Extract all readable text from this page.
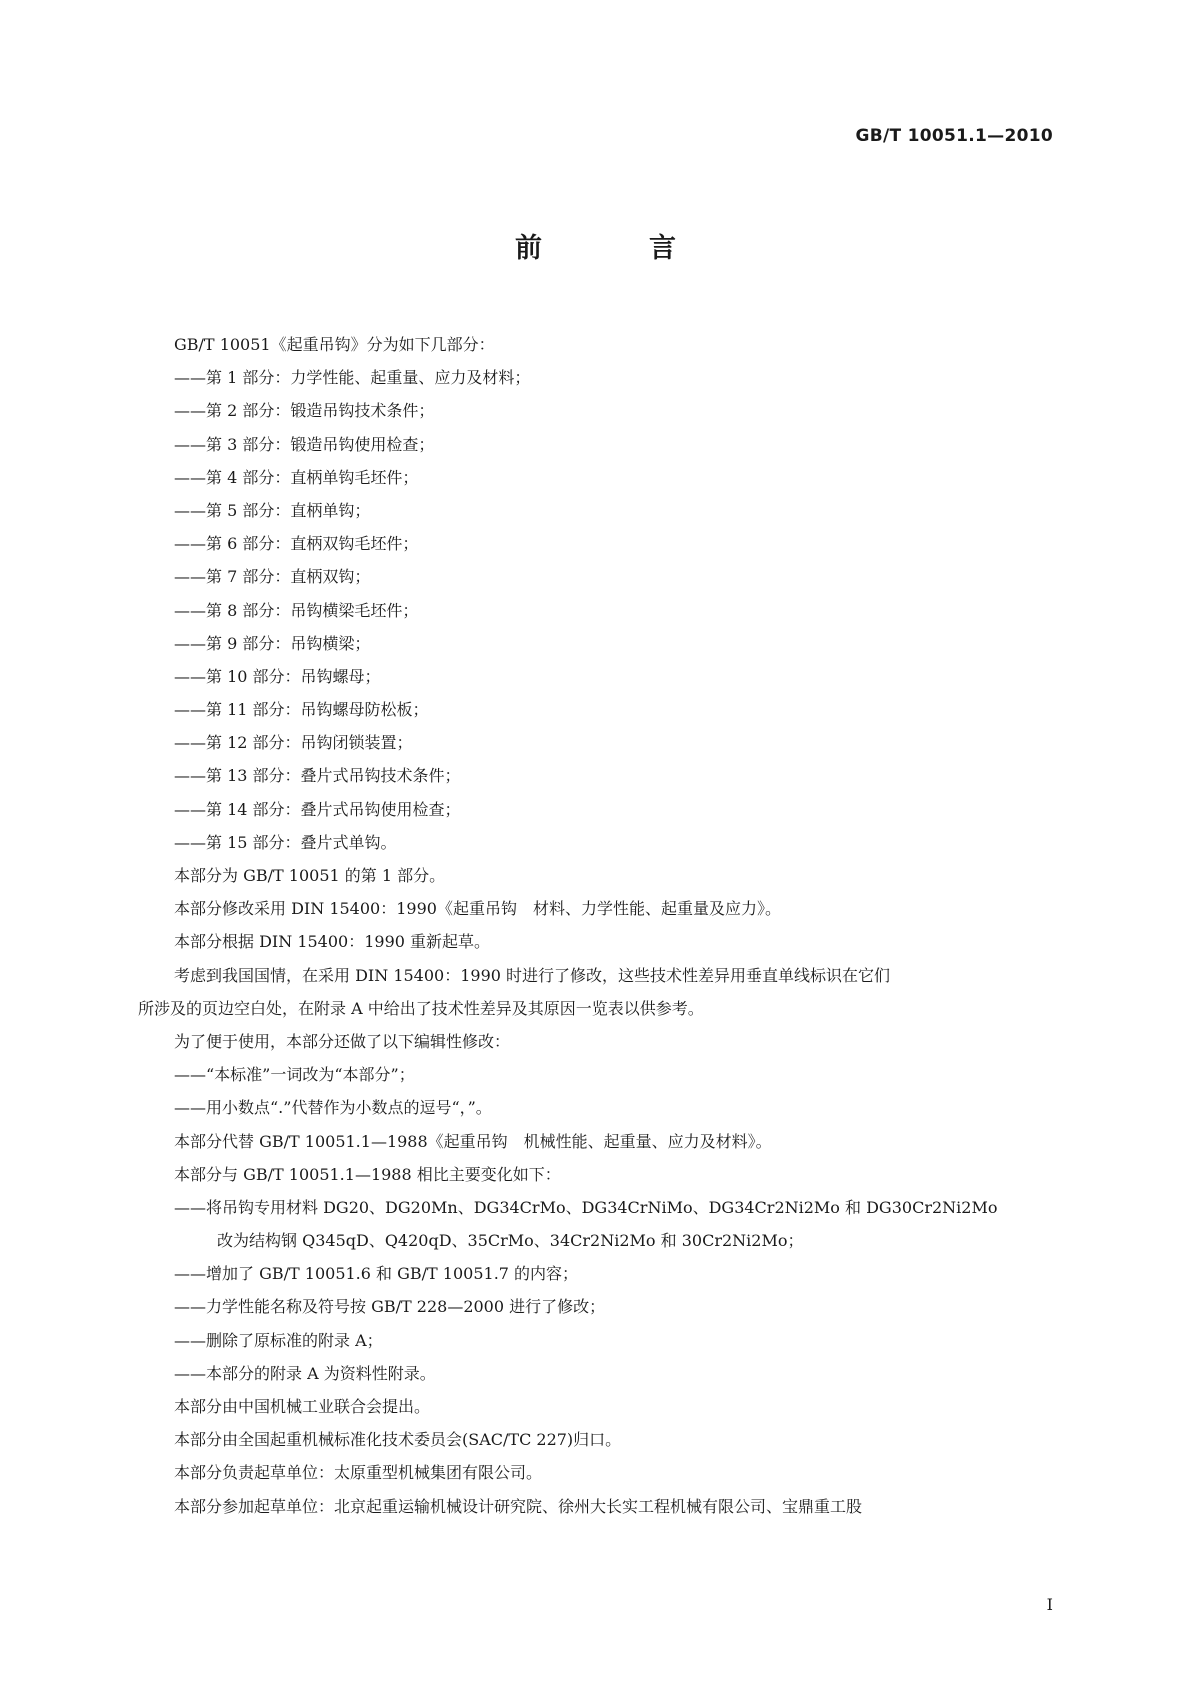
GB/T 10051.1—2010
前　言
GB/T 10051《起重吊钩》分为如下几部分：
——第 1 部分：力学性能、起重量、应力及材料；
——第 2 部分：锻造吊钩技术条件；
——第 3 部分：锻造吊钩使用检查；
——第 4 部分：直柄单钩毛坯件；
——第 5 部分：直柄单钩；
——第 6 部分：直柄双钩毛坯件；
——第 7 部分：直柄双钩；
——第 8 部分：吊钩横梁毛坯件；
——第 9 部分：吊钩横梁；
——第 10 部分：吊钩螺母；
——第 11 部分：吊钩螺母防松板；
——第 12 部分：吊钩闭锁装置；
——第 13 部分：叠片式吊钩技术条件；
——第 14 部分：叠片式吊钩使用检查；
——第 15 部分：叠片式单钩。
本部分为 GB/T 10051 的第 1 部分。
本部分修改采用 DIN 15400：1990《起重吊钩　材料、力学性能、起重量及应力》。
本部分根据 DIN 15400：1990 重新起草。
考虑到我国国情，在采用 DIN 15400：1990 时进行了修改，这些技术性差异用垂直单线标识在它们
所涉及的页边空白处，在附录 A 中给出了技术性差异及其原因一览表以供参考。
为了便于使用，本部分还做了以下编辑性修改：
——“本标准”一词改为“本部分”；
——用小数点“.”代替作为小数点的逗号“，”。
本部分代替 GB/T 10051.1—1988《起重吊钩　机械性能、起重量、应力及材料》。
本部分与 GB/T 10051.1—1988 相比主要变化如下：
——将吊钩专用材料 DG20、DG20Mn、DG34CrMo、DG34CrNiMo、DG34Cr2Ni2Mo 和 DG30Cr2Ni2Mo
改为结构钢 Q345qD、Q420qD、35CrMo、34Cr2Ni2Mo 和 30Cr2Ni2Mo；
——增加了 GB/T 10051.6 和 GB/T 10051.7 的内容；
——力学性能名称及符号按 GB/T 228—2000 进行了修改；
——删除了原标准的附录 A；
——本部分的附录 A 为资料性附录。
本部分由中国机械工业联合会提出。
本部分由全国起重机械标准化技术委员会(SAC/TC 227)归口。
本部分负责起草单位：太原重型机械集团有限公司。
本部分参加起草单位：北京起重运输机械设计研究院、徐州大长实工程机械有限公司、宝鼎重工股
I
